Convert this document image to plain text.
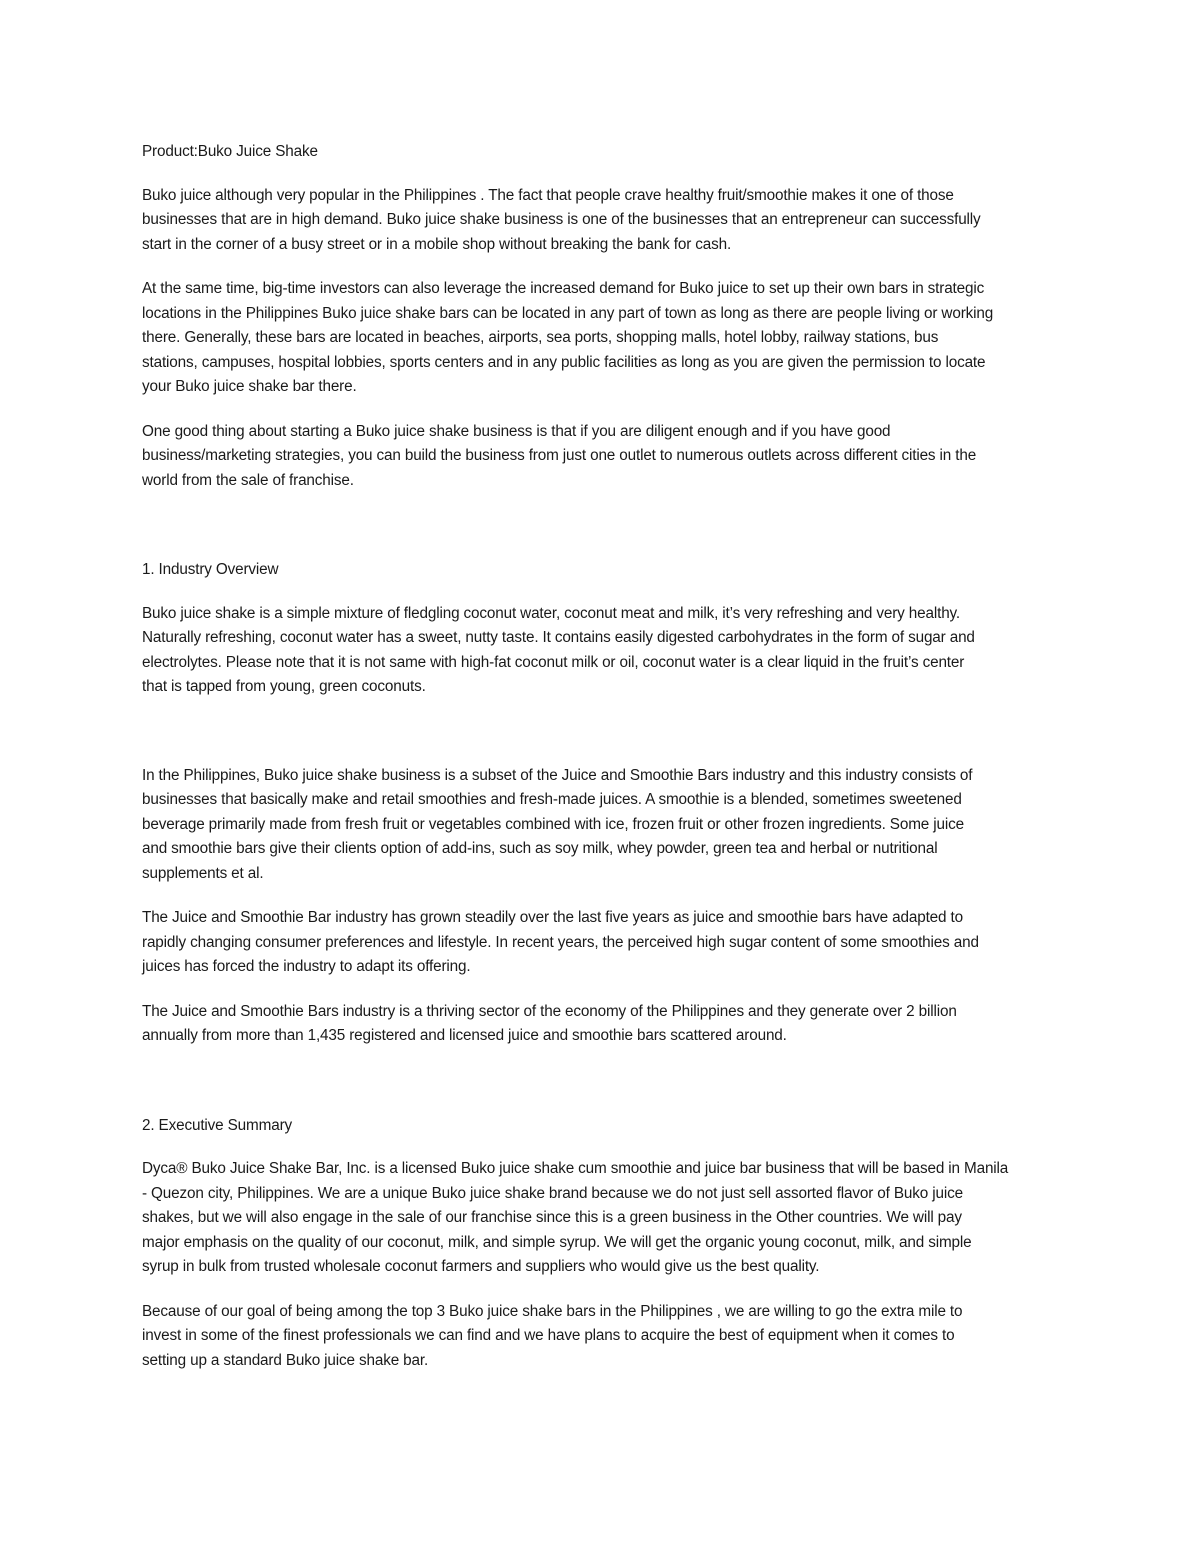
Product:Buko Juice Shake

Buko juice although very popular in the Philippines . The fact that people crave healthy fruit/smoothie makes it one of those
businesses that are in high demand. Buko juice shake business is one of the businesses that an entrepreneur can successfully
start in the corner of a busy street or in a mobile shop without breaking the bank for cash.

At the same time, big-time investors can also leverage the increased demand for Buko juice to set up their own bars in strategic
locations in the Philippines Buko juice shake bars can be located in any part of town as long as there are people living or working
there. Generally, these bars are located in beaches, airports, sea ports, shopping malls, hotel lobby, railway stations, bus
stations, campuses, hospital lobbies, sports centers and in any public facilities as long as you are given the permission to locate
your Buko juice shake bar there.

One good thing about starting a Buko juice shake business is that if you are diligent enough and if you have good
business/marketing strategies, you can build the business from just one outlet to numerous outlets across different cities in the
world from the sale of franchise.

1. Industry Overview

Buko juice shake is a simple mixture of fledgling coconut water, coconut meat and milk, it’s very refreshing and very healthy.
Naturally refreshing, coconut water has a sweet, nutty taste. It contains easily digested carbohydrates in the form of sugar and
electrolytes. Please note that it is not same with high-fat coconut milk or oil, coconut water is a clear liquid in the fruit’s center
that is tapped from young, green coconuts.

In the Philippines, Buko juice shake business is a subset of the Juice and Smoothie Bars industry and this industry consists of
businesses that basically make and retail smoothies and fresh-made juices. A smoothie is a blended, sometimes sweetened
beverage primarily made from fresh fruit or vegetables combined with ice, frozen fruit or other frozen ingredients. Some juice
and smoothie bars give their clients option of add-ins, such as soy milk, whey powder, green tea and herbal or nutritional
supplements et al.

The Juice and Smoothie Bar industry has grown steadily over the last five years as juice and smoothie bars have adapted to
rapidly changing consumer preferences and lifestyle. In recent years, the perceived high sugar content of some smoothies and
juices has forced the industry to adapt its offering.

The Juice and Smoothie Bars industry is a thriving sector of the economy of the Philippines and they generate over 2 billion
annually from more than 1,435 registered and licensed juice and smoothie bars scattered around.

2. Executive Summary

Dyca® Buko Juice Shake Bar, Inc. is a licensed Buko juice shake cum smoothie and juice bar business that will be based in Manila
- Quezon city, Philippines. We are a unique Buko juice shake brand because we do not just sell assorted flavor of Buko juice
shakes, but we will also engage in the sale of our franchise since this is a green business in the Other countries. We will pay
major emphasis on the quality of our coconut, milk, and simple syrup. We will get the organic young coconut, milk, and simple
syrup in bulk from trusted wholesale coconut farmers and suppliers who would give us the best quality.

Because of our goal of being among the top 3 Buko juice shake bars in the Philippines , we are willing to go the extra mile to
invest in some of the finest professionals we can find and we have plans to acquire the best of equipment when it comes to
setting up a standard Buko juice shake bar.
